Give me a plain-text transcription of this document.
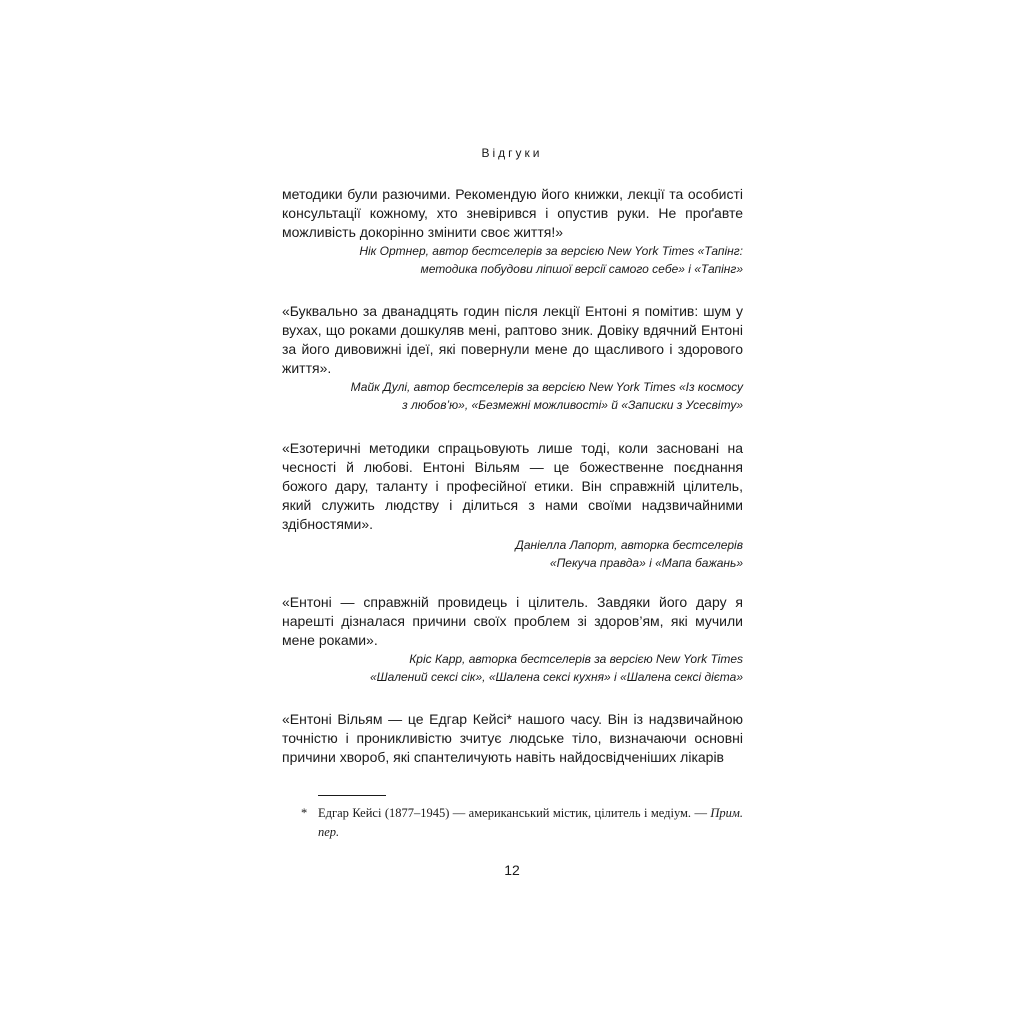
Відгуки

методики були разючими. Рекомендую його книжки, лекції та особисті консультації кожному, хто зневірився і опустив руки. Не проґавте можливість докорінно змінити своє життя!»

Нік Ортнер, автор бестселерів за версією New York Times «Тапінг:
методика побудови ліпшої версії самого себе» і «Тапінг»

«Буквально за дванадцять годин після лекції Ентоні я помітив: шум у вухах, що роками дошкуляв мені, раптово зник. Довіку вдячний Ентоні за його дивовижні ідеї, які повернули мене до щасливого і здорового життя».

Майк Дулі, автор бестселерів за версією New York Times «Із космосу
з любов’ю», «Безмежні можливості» й «Записки з Усесвіту»

«Езотеричні методики спрацьовують лише тоді, коли засновані на чесності й любові. Ентоні Вільям — це божественне поєднання божого дару, таланту і професійної етики. Він справжній цілитель, який служить людству і ділиться з нами своїми надзвичайними здібностями».

Даніелла Лапорт, авторка бестселерів
«Пекуча правда» і «Мапа бажань»

«Ентоні — справжній провидець і цілитель. Завдяки його дару я нарешті дізналася причини своїх проблем зі здоров’ям, які мучили мене роками».

Кріс Карр, авторка бестселерів за версією New York Times
«Шалений сексі сік», «Шалена сексі кухня» і «Шалена сексі дієта»

«Ентоні Вільям — це Едгар Кейсі* нашого часу. Він із надзвичайною точністю і проникливістю зчитує людське тіло, визначаючи основні причини хвороб, які спантеличують навіть найдосвідченіших лікарів

* Едгар Кейсі (1877–1945) — американський містик, цілитель і медіум. — Прим. пер.
12
